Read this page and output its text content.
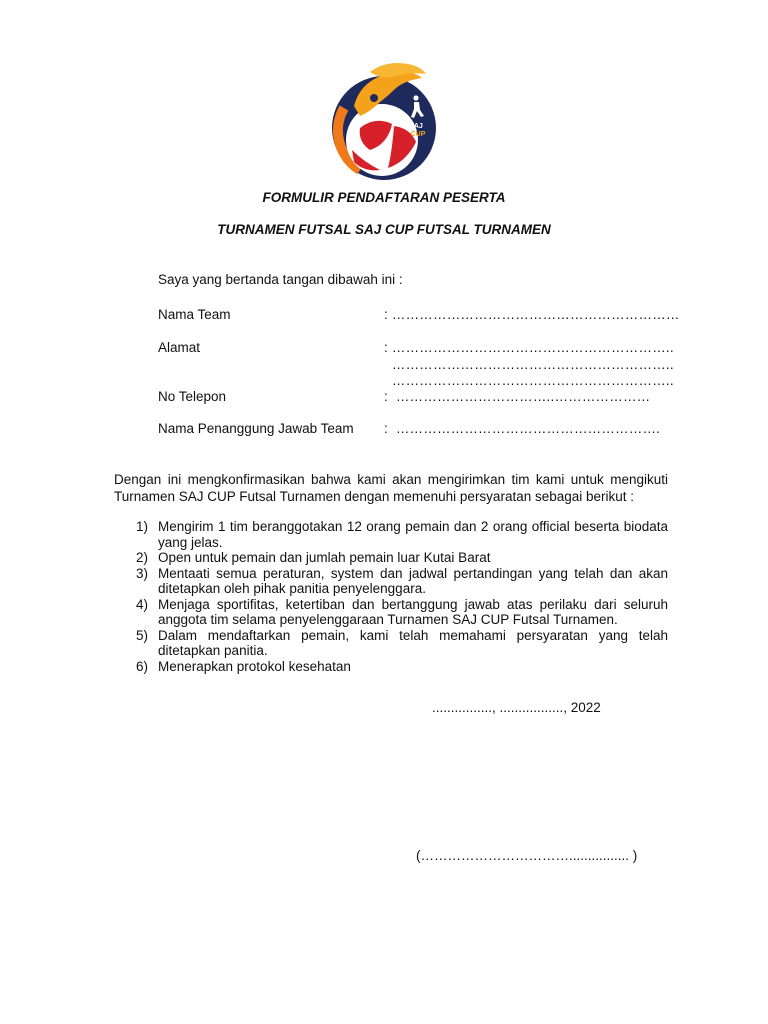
SAJ
CUP
FORMULIR PENDAFTARAN PESERTA
TURNAMEN FUTSAL SAJ CUP FUTSAL TURNAMEN
Saya yang bertanda tangan dibawah ini :
Nama Team	: ………………………………………………………
Alamat	: ……………………………………………………..
……………………………………………………..
……………………………………………………..
No Telepon	:  ……………………………..…………………
Nama Penanggung Jawab Team :  ………………………………………………….
Dengan ini mengkonfirmasikan bahwa kami akan mengirimkan tim kami untuk mengikuti Turnamen SAJ CUP Futsal Turnamen dengan memenuhi persyaratan sebagai berikut :
1) Mengirim 1 tim beranggotakan 12 orang pemain dan 2 orang official beserta biodata yang jelas.
2) Open untuk pemain dan jumlah pemain luar Kutai Barat
3) Mentaati semua peraturan, system dan jadwal pertandingan yang telah dan akan ditetapkan oleh pihak panitia penyelenggara.
4) Menjaga sportifitas, ketertiban dan bertanggung jawab atas perilaku dari seluruh anggota tim selama penyelenggaraan Turnamen SAJ CUP Futsal Turnamen.
5) Dalam mendaftarkan pemain, kami telah memahami persyaratan yang telah ditetapkan panitia.
6) Menerapkan protokol kesehatan
................, ................., 2022
(……………………………................ )
